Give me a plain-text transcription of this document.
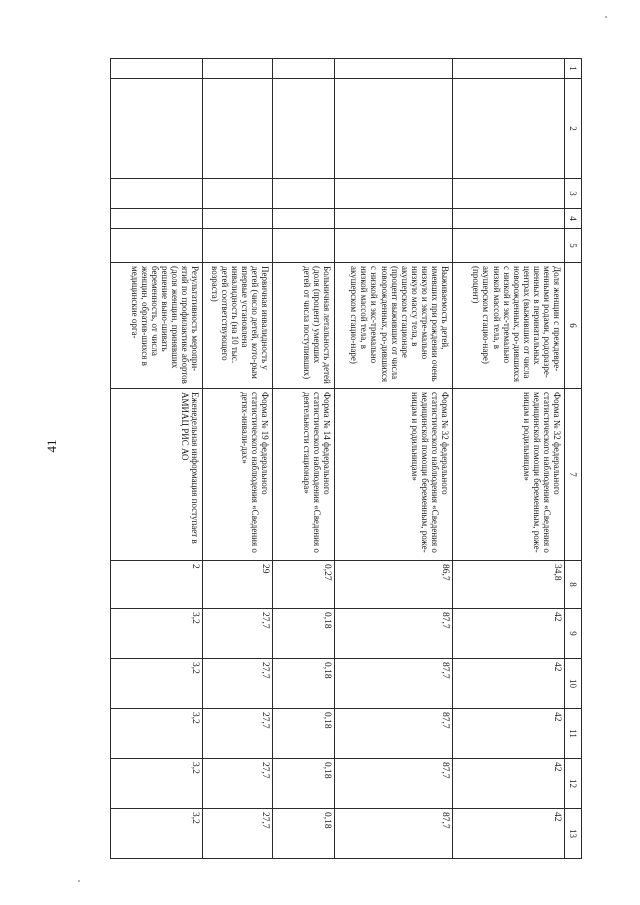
41
1	2	3	4	5	6	7	8	9	10	11	12	13
					Доля женщин с преждевре-менными родами, родоразре-шенных в перинатальных центрах (выживших от числа новорожденных, ро-дившихся с низкой и экс-тремально низкой массой тела, в акушерском стацио-наре) (процент)	Форма № 32 федерального статистического наблюдения «Сведения о медицинской помощи беременным, роже-ницам и родильницам»	34,8	42	42	42	42	42
					Выживаемость детей, имевших при рождении очень низкую и экстре-мально низкую массу тела, в акушерском стационаре (процент выживших от числа новорожденных, ро-дившихся с низкой и экс-тремально низкой массой тела, в акушерском стацио-наре)	Форма № 32 федерального статистического наблюдения «Сведения о медицинской помощи беременным, роже-ницам и родильницам»	86,7	87,7	87,7	87,7	87,7	87,7
					Больничная летальность детей (доля (процент) умерших детей от числа поступивших)	Форма № 14 федерального статистического наблюдения «Сведения о деятельности стационара»	0,27	0,18	0,18	0,18	0,18	0,18
					Первичная инвалидность у детей (число детей, кото-рым впервые установлена инвалидность (на 10 тыс. детей соответствующего возраста)	Форма № 19 федерального статистического наблюдения «Сведения о детях-инвали-дах»	29	27,7	27,7	27,7	27,7	27,7
					Результативность меропри-ятий по профилактике абортов (доля женщин, принявших решение выно-шивать беременность, от числа женщин, обратив-шихся в медицинские орга-	Еженедельная информация поступает в АМИАЦ РИС АО	2	3,2	3,2	3,2	3,2	3,2
